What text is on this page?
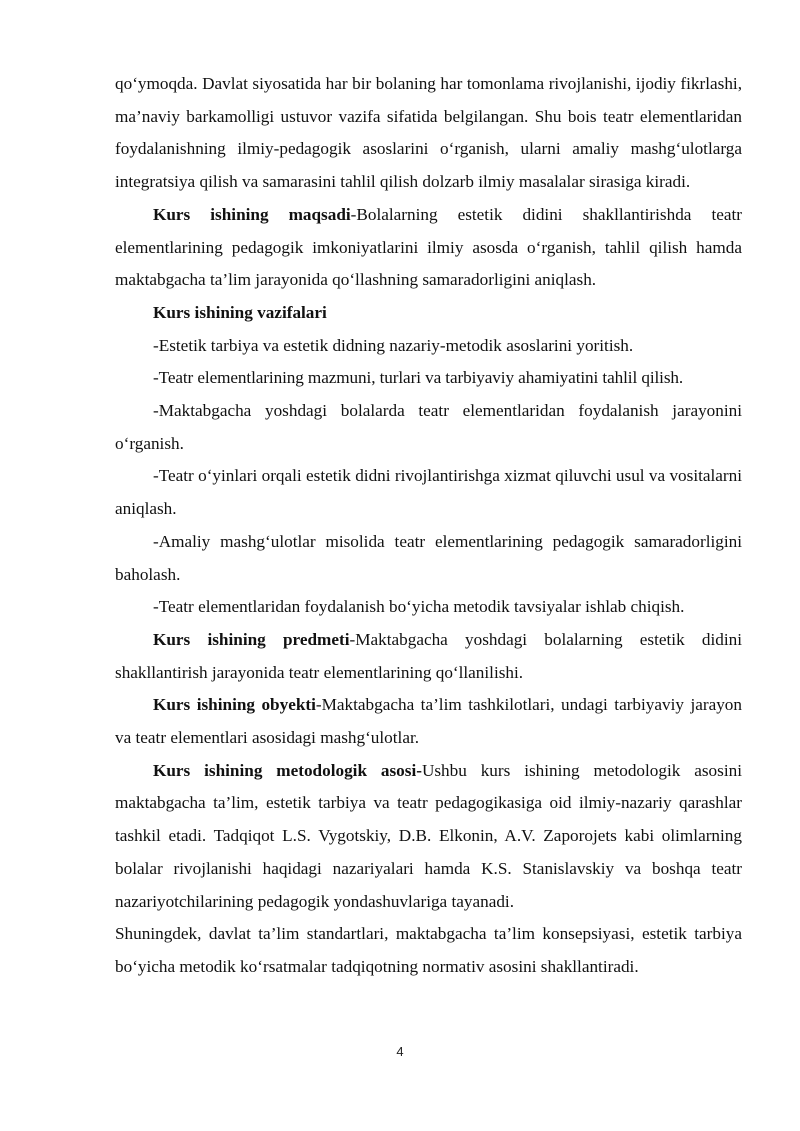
qo‘ymoqda. Davlat siyosatida har bir bolaning har tomonlama rivojlanishi, ijodiy fikrlashi, ma’naviy barkamolligi ustuvor vazifa sifatida belgilangan. Shu bois teatr elementlaridan foydalanishning ilmiy-pedagogik asoslarini o‘rganish, ularni amaliy mashg‘ulotlarga integratsiya qilish va samarasini tahlil qilish dolzarb ilmiy masalalar sirasiga kiradi.

Kurs ishining maqsadi-Bolalarning estetik didini shakllantirishda teatr elementlarining pedagogik imkoniyatlarini ilmiy asosda o‘rganish, tahlil qilish hamda maktabgacha ta’lim jarayonida qo‘llashning samaradorligini aniqlash.

Kurs ishining vazifalari

-Estetik tarbiya va estetik didning nazariy-metodik asoslarini yoritish.

-Teatr elementlarining mazmuni, turlari va tarbiyaviy ahamiyatini tahlil qilish.

-Maktabgacha yoshdagi bolalarda teatr elementlaridan foydalanish jarayonini o‘rganish.

-Teatr o‘yinlari orqali estetik didni rivojlantirishga xizmat qiluvchi usul va vositalarni aniqlash.

-Amaliy mashg‘ulotlar misolida teatr elementlarining pedagogik samaradorligini baholash.

-Teatr elementlaridan foydalanish bo‘yicha metodik tavsiyalar ishlab chiqish.

Kurs ishining predmeti-Maktabgacha yoshdagi bolalarning estetik didini shakllantirish jarayonida teatr elementlarining qo‘llanilishi.

Kurs ishining obyekti-Maktabgacha ta’lim tashkilotlari, undagi tarbiyaviy jarayon va teatr elementlari asosidagi mashg‘ulotlar.

Kurs ishining metodologik asosi-Ushbu kurs ishining metodologik asosini maktabgacha ta’lim, estetik tarbiya va teatr pedagogikasiga oid ilmiy-nazariy qarashlar tashkil etadi. Tadqiqot L.S. Vygotskiy, D.B. Elkonin, A.V. Zaporojets kabi olimlarning bolalar rivojlanishi haqidagi nazariyalari hamda K.S. Stanislavskiy va boshqa teatr nazariyotchilarining pedagogik yondashuvlariga tayanadi.

Shuningdek, davlat ta’lim standartlari, maktabgacha ta’lim konsepsiyasi, estetik tarbiya bo‘yicha metodik ko‘rsatmalar tadqiqotning normativ asosini shakllantiradi.

4
